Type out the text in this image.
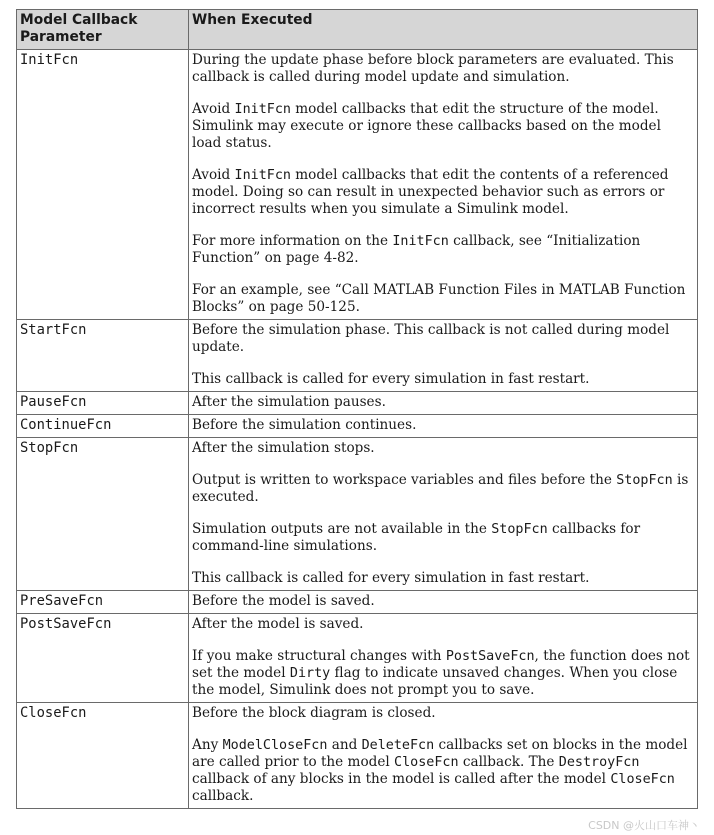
Model Callback Parameter	When Executed
InitFcn	During the update phase before block parameters are evaluated. This callback is called during model update and simulation.

Avoid InitFcn model callbacks that edit the structure of the model. Simulink may execute or ignore these callbacks based on the model load status.

Avoid InitFcn model callbacks that edit the contents of a referenced model. Doing so can result in unexpected behavior such as errors or incorrect results when you simulate a Simulink model.

For more information on the InitFcn callback, see “Initialization Function” on page 4-82.

For an example, see “Call MATLAB Function Files in MATLAB Function Blocks” on page 50-125.

StartFcn	Before the simulation phase. This callback is not called during model update.

This callback is called for every simulation in fast restart.

PauseFcn	After the simulation pauses.

ContinueFcn	Before the simulation continues.

StopFcn	After the simulation stops.

Output is written to workspace variables and files before the StopFcn is executed.

Simulation outputs are not available in the StopFcn callbacks for command-line simulations.

This callback is called for every simulation in fast restart.

PreSaveFcn	Before the model is saved.

PostSaveFcn	After the model is saved.

If you make structural changes with PostSaveFcn, the function does not set the model Dirty flag to indicate unsaved changes. When you close the model, Simulink does not prompt you to save.

CloseFcn	Before the block diagram is closed.

Any ModelCloseFcn and DeleteFcn callbacks set on blocks in the model are called prior to the model CloseFcn callback. The DestroyFcn callback of any blocks in the model is called after the model CloseFcn callback.

CSDN @火山口车神丶
